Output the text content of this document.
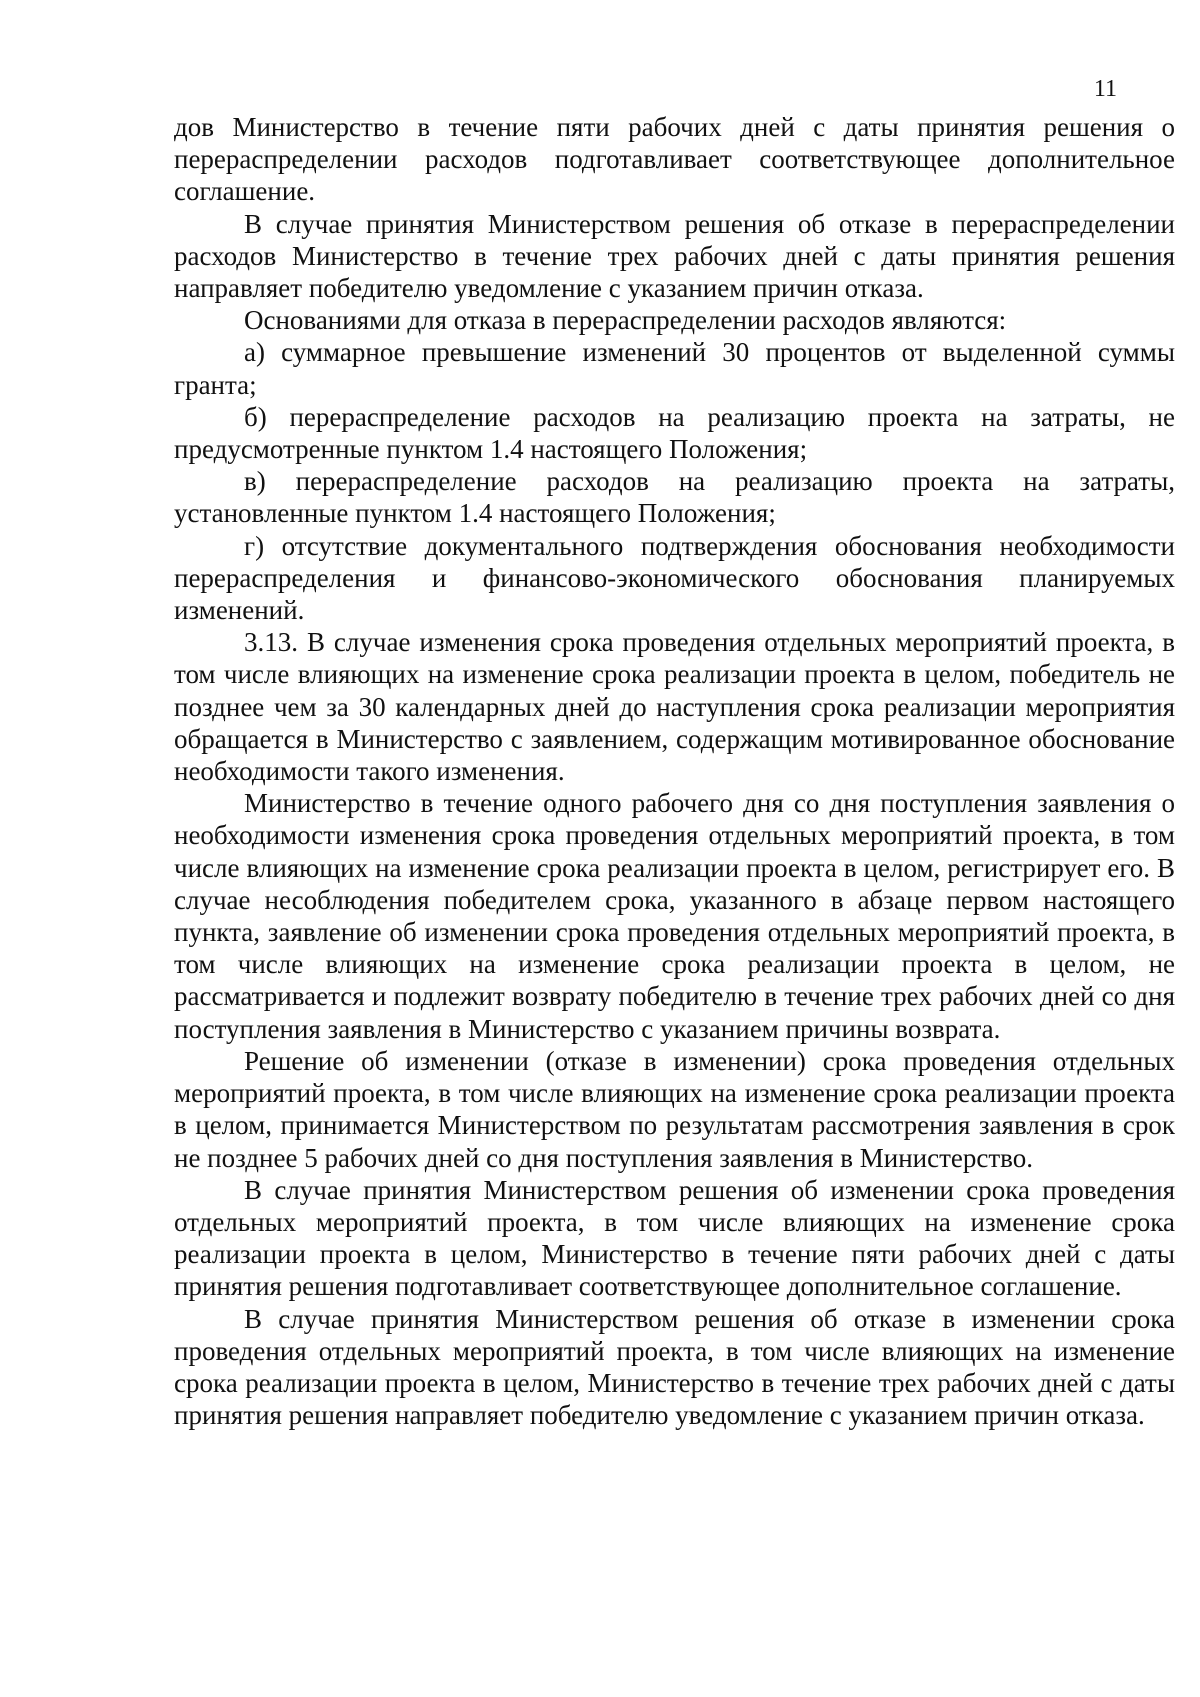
11

дов Министерство в течение пяти рабочих дней с даты принятия решения о перераспределении расходов подготавливает соответствующее дополнительное соглашение.

В случае принятия Министерством решения об отказе в перераспределении расходов Министерство в течение трех рабочих дней с даты принятия решения направляет победителю уведомление с указанием причин отказа.

Основаниями для отказа в перераспределении расходов являются:

а) суммарное превышение изменений 30 процентов от выделенной суммы гранта;

б) перераспределение расходов на реализацию проекта на затраты, не предусмотренные пунктом 1.4 настоящего Положения;

в) перераспределение расходов на реализацию проекта на затраты, установленные пунктом 1.4 настоящего Положения;

г) отсутствие документального подтверждения обоснования необходимости перераспределения и финансово-экономического обоснования планируемых изменений.

3.13. В случае изменения срока проведения отдельных мероприятий проекта, в том числе влияющих на изменение срока реализации проекта в целом, победитель не позднее чем за 30 календарных дней до наступления срока реализации мероприятия обращается в Министерство с заявлением, содержащим мотивированное обоснование необходимости такого изменения.

Министерство в течение одного рабочего дня со дня поступления заявления о необходимости изменения срока проведения отдельных мероприятий проекта, в том числе влияющих на изменение срока реализации проекта в целом, регистрирует его. В случае несоблюдения победителем срока, указанного в абзаце первом настоящего пункта, заявление об изменении срока проведения отдельных мероприятий проекта, в том числе влияющих на изменение срока реализации проекта в целом, не рассматривается и подлежит возврату победителю в течение трех рабочих дней со дня поступления заявления в Министерство с указанием причины возврата.

Решение об изменении (отказе в изменении) срока проведения отдельных мероприятий проекта, в том числе влияющих на изменение срока реализации проекта в целом, принимается Министерством по результатам рассмотрения заявления в срок не позднее 5 рабочих дней со дня поступления заявления в Министерство.

В случае принятия Министерством решения об изменении срока проведения отдельных мероприятий проекта, в том числе влияющих на изменение срока реализации проекта в целом, Министерство в течение пяти рабочих дней с даты принятия решения подготавливает соответствующее дополнительное соглашение.

В случае принятия Министерством решения об отказе в изменении срока проведения отдельных мероприятий проекта, в том числе влияющих на изменение срока реализации проекта в целом, Министерство в течение трех рабочих дней с даты принятия решения направляет победителю уведомление с указанием причин отказа.
